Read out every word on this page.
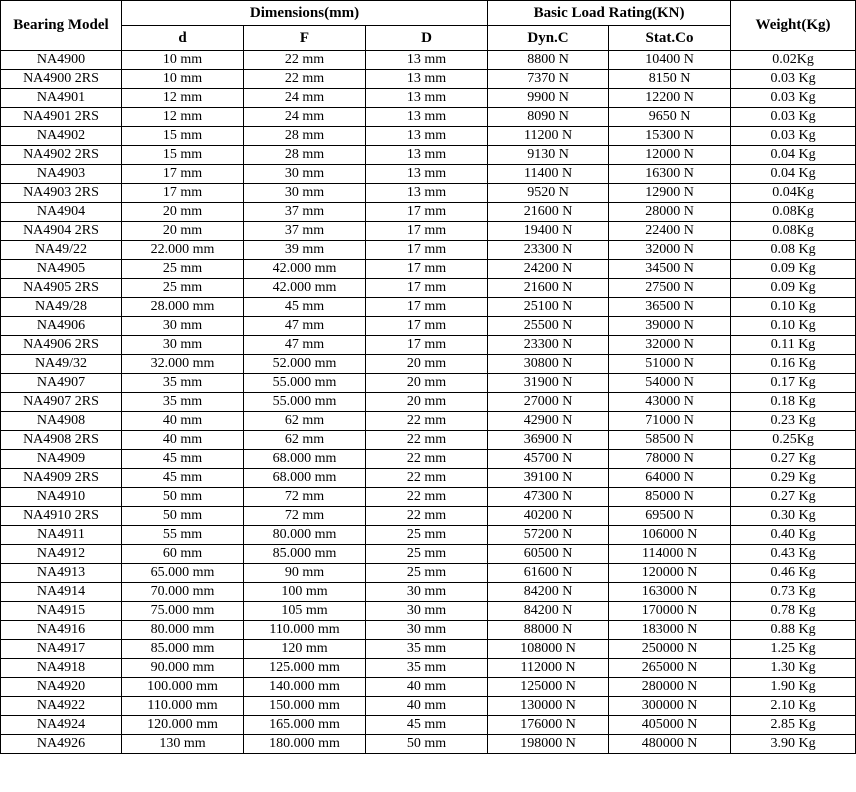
Bearing Model	Dimensions(mm)			Basic Load Rating(KN)		Weight(Kg)
	d	F	D	Dyn.C	Stat.Co	
NA4900	10 mm	22 mm	13 mm	8800 N	10400 N	0.02Kg
NA4900 2RS	10 mm	22 mm	13 mm	7370 N	8150 N	0.03 Kg
NA4901	12 mm	24 mm	13 mm	9900 N	12200 N	0.03 Kg
NA4901 2RS	12 mm	24 mm	13 mm	8090 N	9650 N	0.03 Kg
NA4902	15 mm	28 mm	13 mm	11200 N	15300 N	0.03 Kg
NA4902 2RS	15 mm	28 mm	13 mm	9130 N	12000 N	0.04 Kg
NA4903	17 mm	30 mm	13 mm	11400 N	16300 N	0.04 Kg
NA4903 2RS	17 mm	30 mm	13 mm	9520 N	12900 N	0.04Kg
NA4904	20 mm	37 mm	17 mm	21600 N	28000 N	0.08Kg
NA4904 2RS	20 mm	37 mm	17 mm	19400 N	22400 N	0.08Kg
NA49/22	22.000 mm	39 mm	17 mm	23300 N	32000 N	0.08 Kg
NA4905	25 mm	42.000 mm	17 mm	24200 N	34500 N	0.09 Kg
NA4905 2RS	25 mm	42.000 mm	17 mm	21600 N	27500 N	0.09 Kg
NA49/28	28.000 mm	45 mm	17 mm	25100 N	36500 N	0.10 Kg
NA4906	30 mm	47 mm	17 mm	25500 N	39000 N	0.10 Kg
NA4906 2RS	30 mm	47 mm	17 mm	23300 N	32000 N	0.11 Kg
NA49/32	32.000 mm	52.000 mm	20 mm	30800 N	51000 N	0.16 Kg
NA4907	35 mm	55.000 mm	20 mm	31900 N	54000 N	0.17 Kg
NA4907 2RS	35 mm	55.000 mm	20 mm	27000 N	43000 N	0.18 Kg
NA4908	40 mm	62 mm	22 mm	42900 N	71000 N	0.23 Kg
NA4908 2RS	40 mm	62 mm	22 mm	36900 N	58500 N	0.25Kg
NA4909	45 mm	68.000 mm	22 mm	45700 N	78000 N	0.27 Kg
NA4909 2RS	45 mm	68.000 mm	22 mm	39100 N	64000 N	0.29 Kg
NA4910	50 mm	72 mm	22 mm	47300 N	85000 N	0.27 Kg
NA4910 2RS	50 mm	72 mm	22 mm	40200 N	69500 N	0.30 Kg
NA4911	55 mm	80.000 mm	25 mm	57200 N	106000 N	0.40 Kg
NA4912	60 mm	85.000 mm	25 mm	60500 N	114000 N	0.43 Kg
NA4913	65.000 mm	90 mm	25 mm	61600 N	120000 N	0.46 Kg
NA4914	70.000 mm	100 mm	30 mm	84200 N	163000 N	0.73 Kg
NA4915	75.000 mm	105 mm	30 mm	84200 N	170000 N	0.78 Kg
NA4916	80.000 mm	110.000 mm	30 mm	88000 N	183000 N	0.88 Kg
NA4917	85.000 mm	120 mm	35 mm	108000 N	250000 N	1.25 Kg
NA4918	90.000 mm	125.000 mm	35 mm	112000 N	265000 N	1.30 Kg
NA4920	100.000 mm	140.000 mm	40 mm	125000 N	280000 N	1.90 Kg
NA4922	110.000 mm	150.000 mm	40 mm	130000 N	300000 N	2.10 Kg
NA4924	120.000 mm	165.000 mm	45 mm	176000 N	405000 N	2.85 Kg
NA4926	130 mm	180.000 mm	50 mm	198000 N	480000 N	3.90 Kg
